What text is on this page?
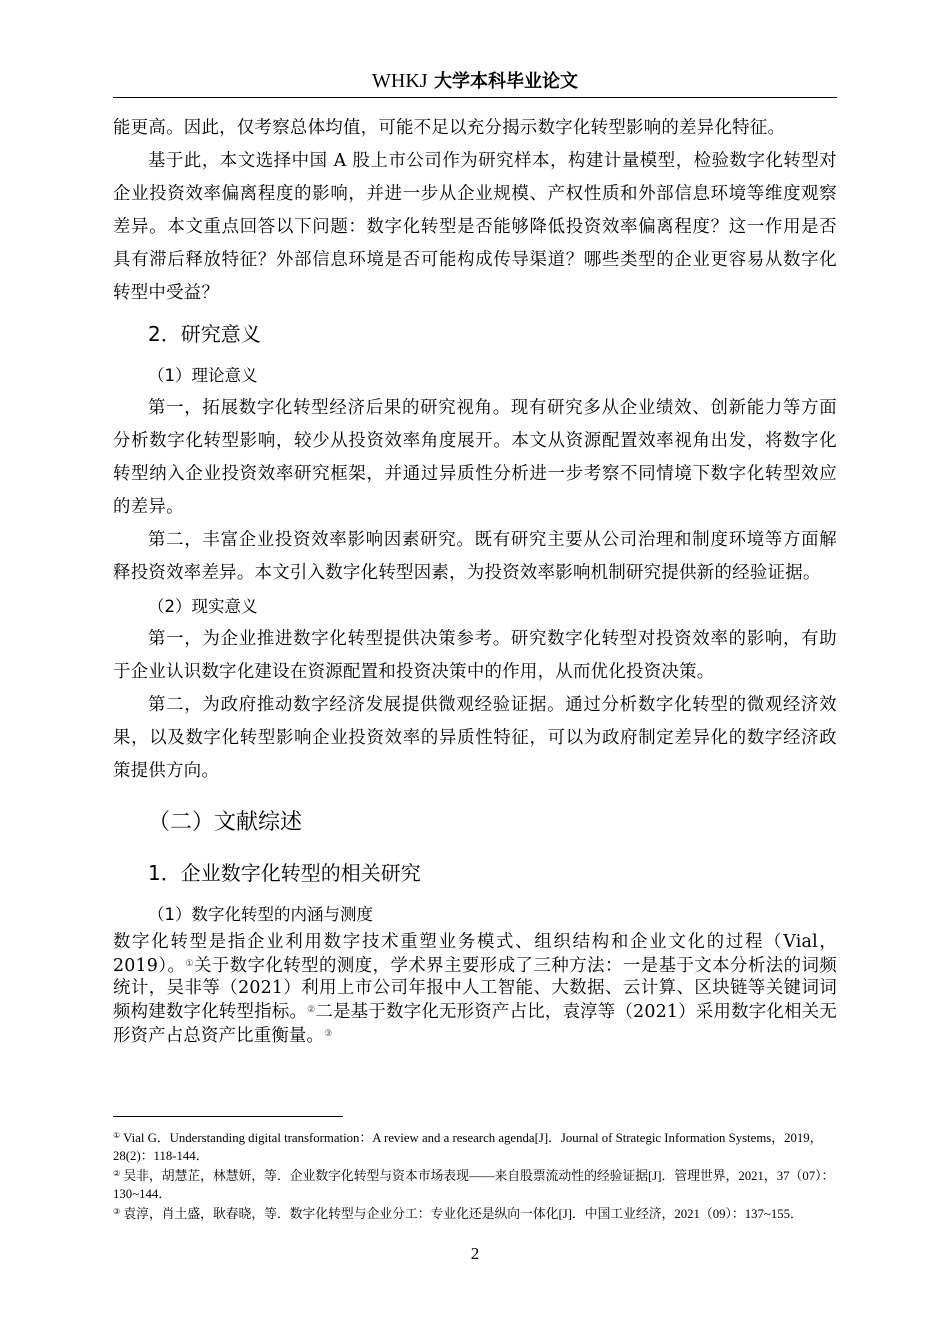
WHKJ 大学本科毕业论文

能更高。因此，仅考察总体均值，可能不足以充分揭示数字化转型影响的差异化特征。

基于此，本文选择中国 A 股上市公司作为研究样本，构建计量模型，检验数字化转型对企业投资效率偏离程度的影响，并进一步从企业规模、产权性质和外部信息环境等维度观察差异。本文重点回答以下问题：数字化转型是否能够降低投资效率偏离程度？这一作用是否具有滞后释放特征？外部信息环境是否可能构成传导渠道？哪些类型的企业更容易从数字化转型中受益？

2．研究意义
（1）理论意义

第一，拓展数字化转型经济后果的研究视角。现有研究多从企业绩效、创新能力等方面分析数字化转型影响，较少从投资效率角度展开。本文从资源配置效率视角出发，将数字化转型纳入企业投资效率研究框架，并通过异质性分析进一步考察不同情境下数字化转型效应的差异。

第二，丰富企业投资效率影响因素研究。既有研究主要从公司治理和制度环境等方面解释投资效率差异。本文引入数字化转型因素，为投资效率影响机制研究提供新的经验证据。

（2）现实意义

第一，为企业推进数字化转型提供决策参考。研究数字化转型对投资效率的影响，有助于企业认识数字化建设在资源配置和投资决策中的作用，从而优化投资决策。

第二，为政府推动数字经济发展提供微观经验证据。通过分析数字化转型的微观经济效果，以及数字化转型影响企业投资效率的异质性特征，可以为政府制定差异化的数字经济政策提供方向。

（二）文献综述
1．企业数字化转型的相关研究
（1）数字化转型的内涵与测度

数字化转型是指企业利用数字技术重塑业务模式、组织结构和企业文化的过程（Vial，2019）。①关于数字化转型的测度，学术界主要形成了三种方法：一是基于文本分析法的词频统计，吴非等（2021）利用上市公司年报中人工智能、大数据、云计算、区块链等关键词词频构建数字化转型指标。②二是基于数字化无形资产占比，袁淳等（2021）采用数字化相关无形资产占总资产比重衡量。③

① Vial G．Understanding digital transformation：A review and a research agenda[J]．Journal of Strategic Information Systems，2019，28(2)：118-144．

② 吴非，胡慧芷，林慧妍，等．企业数字化转型与资本市场表现——来自股票流动性的经验证据[J]．管理世界，2021，37（07）：130~144．

③ 袁淳，肖土盛，耿春晓，等．数字化转型与企业分工：专业化还是纵向一体化[J]．中国工业经济，2021（09）：137~155．

2
